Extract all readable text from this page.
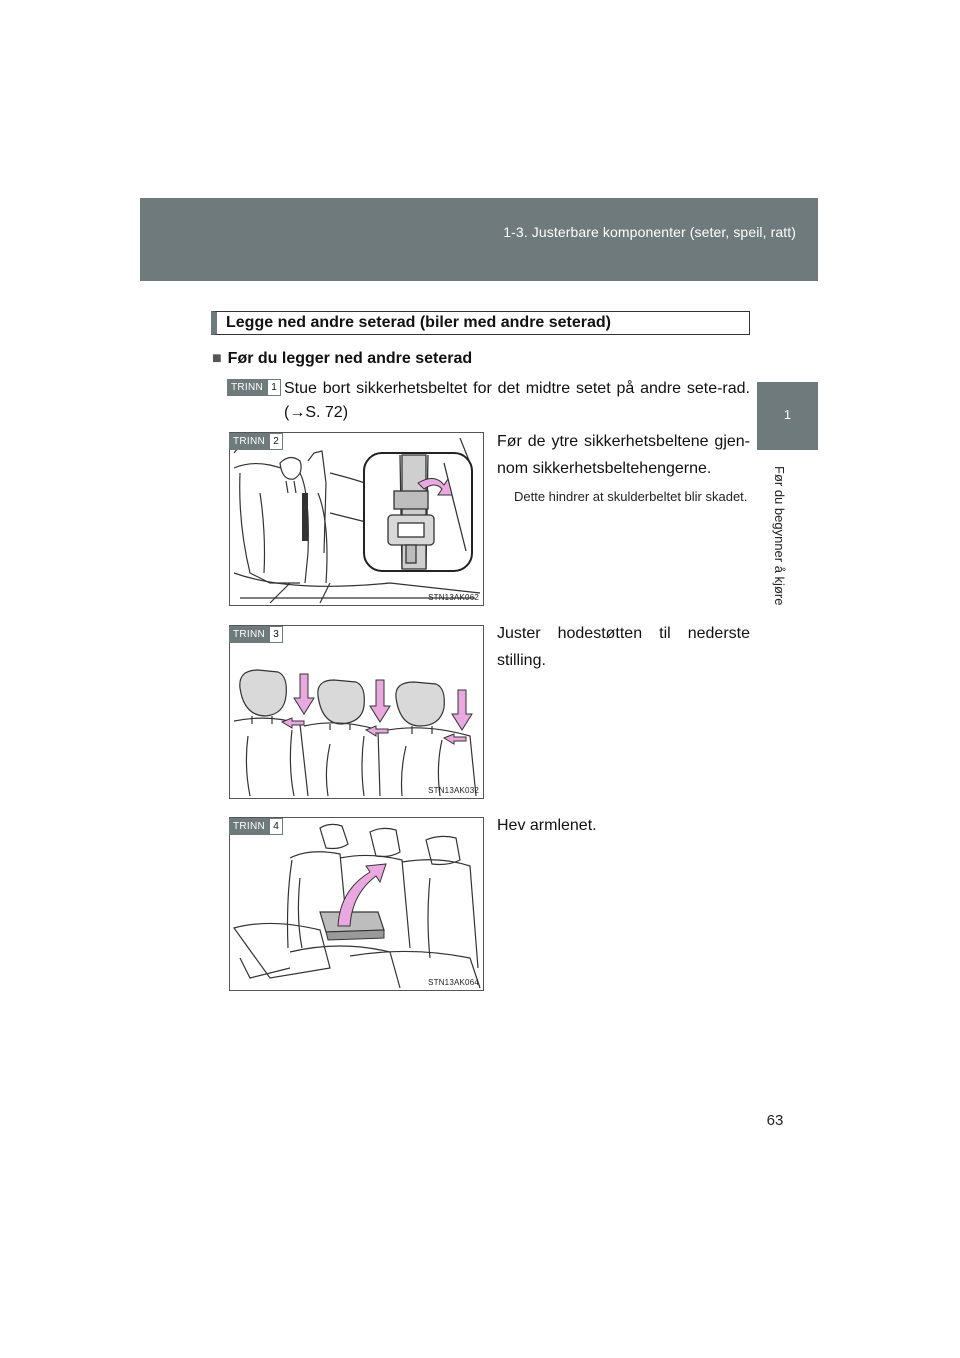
1-3. Justerbare komponenter (seter, speil, ratt)
1
Før du begynner å kjøre
Legge ned andre seterad (biler med andre seterad)
■ Før du legger ned andre seterad
TRINN 1 Stue bort sikkerhetsbeltet for det midtre setet på andre sete-rad. (→S. 72)
STN13AK062
TRINN 2	Før de ytre sikkerhetsbeltene gjen-nom sikkerhetsbeltehengerne.
Dette hindrer at skulderbeltet blir skadet.
STN13AK032
TRINN 3	Juster hodestøtten til nederste stilling.
STN13AK064
TRINN 4	Hev armlenet.
63
